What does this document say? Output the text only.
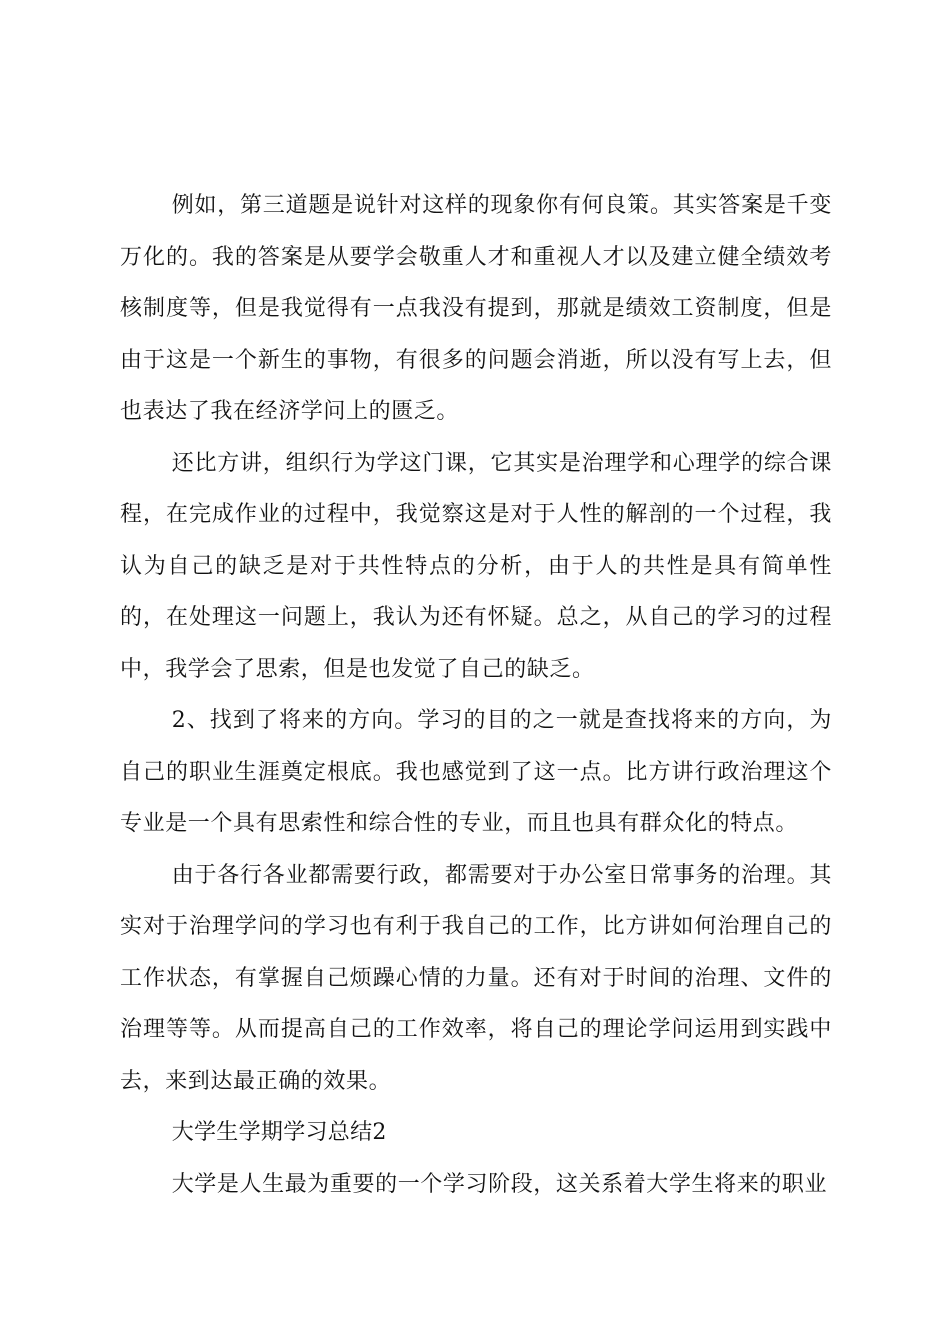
例如，第三道题是说针对这样的现象你有何良策。其实答案是千变万化的。我的答案是从要学会敬重人才和重视人才以及建立健全绩效考核制度等，但是我觉得有一点我没有提到，那就是绩效工资制度，但是由于这是一个新生的事物，有很多的问题会消逝，所以没有写上去，但也表达了我在经济学问上的匮乏。

还比方讲，组织行为学这门课，它其实是治理学和心理学的综合课程，在完成作业的过程中，我觉察这是对于人性的解剖的一个过程，我认为自己的缺乏是对于共性特点的分析，由于人的共性是具有简单性的，在处理这一问题上，我认为还有怀疑。总之，从自己的学习的过程中，我学会了思索，但是也发觉了自己的缺乏。

2、找到了将来的方向。学习的目的之一就是查找将来的方向，为自己的职业生涯奠定根底。我也感觉到了这一点。比方讲行政治理这个专业是一个具有思索性和综合性的专业，而且也具有群众化的特点。

由于各行各业都需要行政，都需要对于办公室日常事务的治理。其实对于治理学问的学习也有利于我自己的工作，比方讲如何治理自己的工作状态，有掌握自己烦躁心情的力量。还有对于时间的治理、文件的治理等等。从而提高自己的工作效率，将自己的理论学问运用到实践中去，来到达最正确的效果。

大学生学期学习总结2

大学是人生最为重要的一个学习阶段，这关系着大学生将来的职业
